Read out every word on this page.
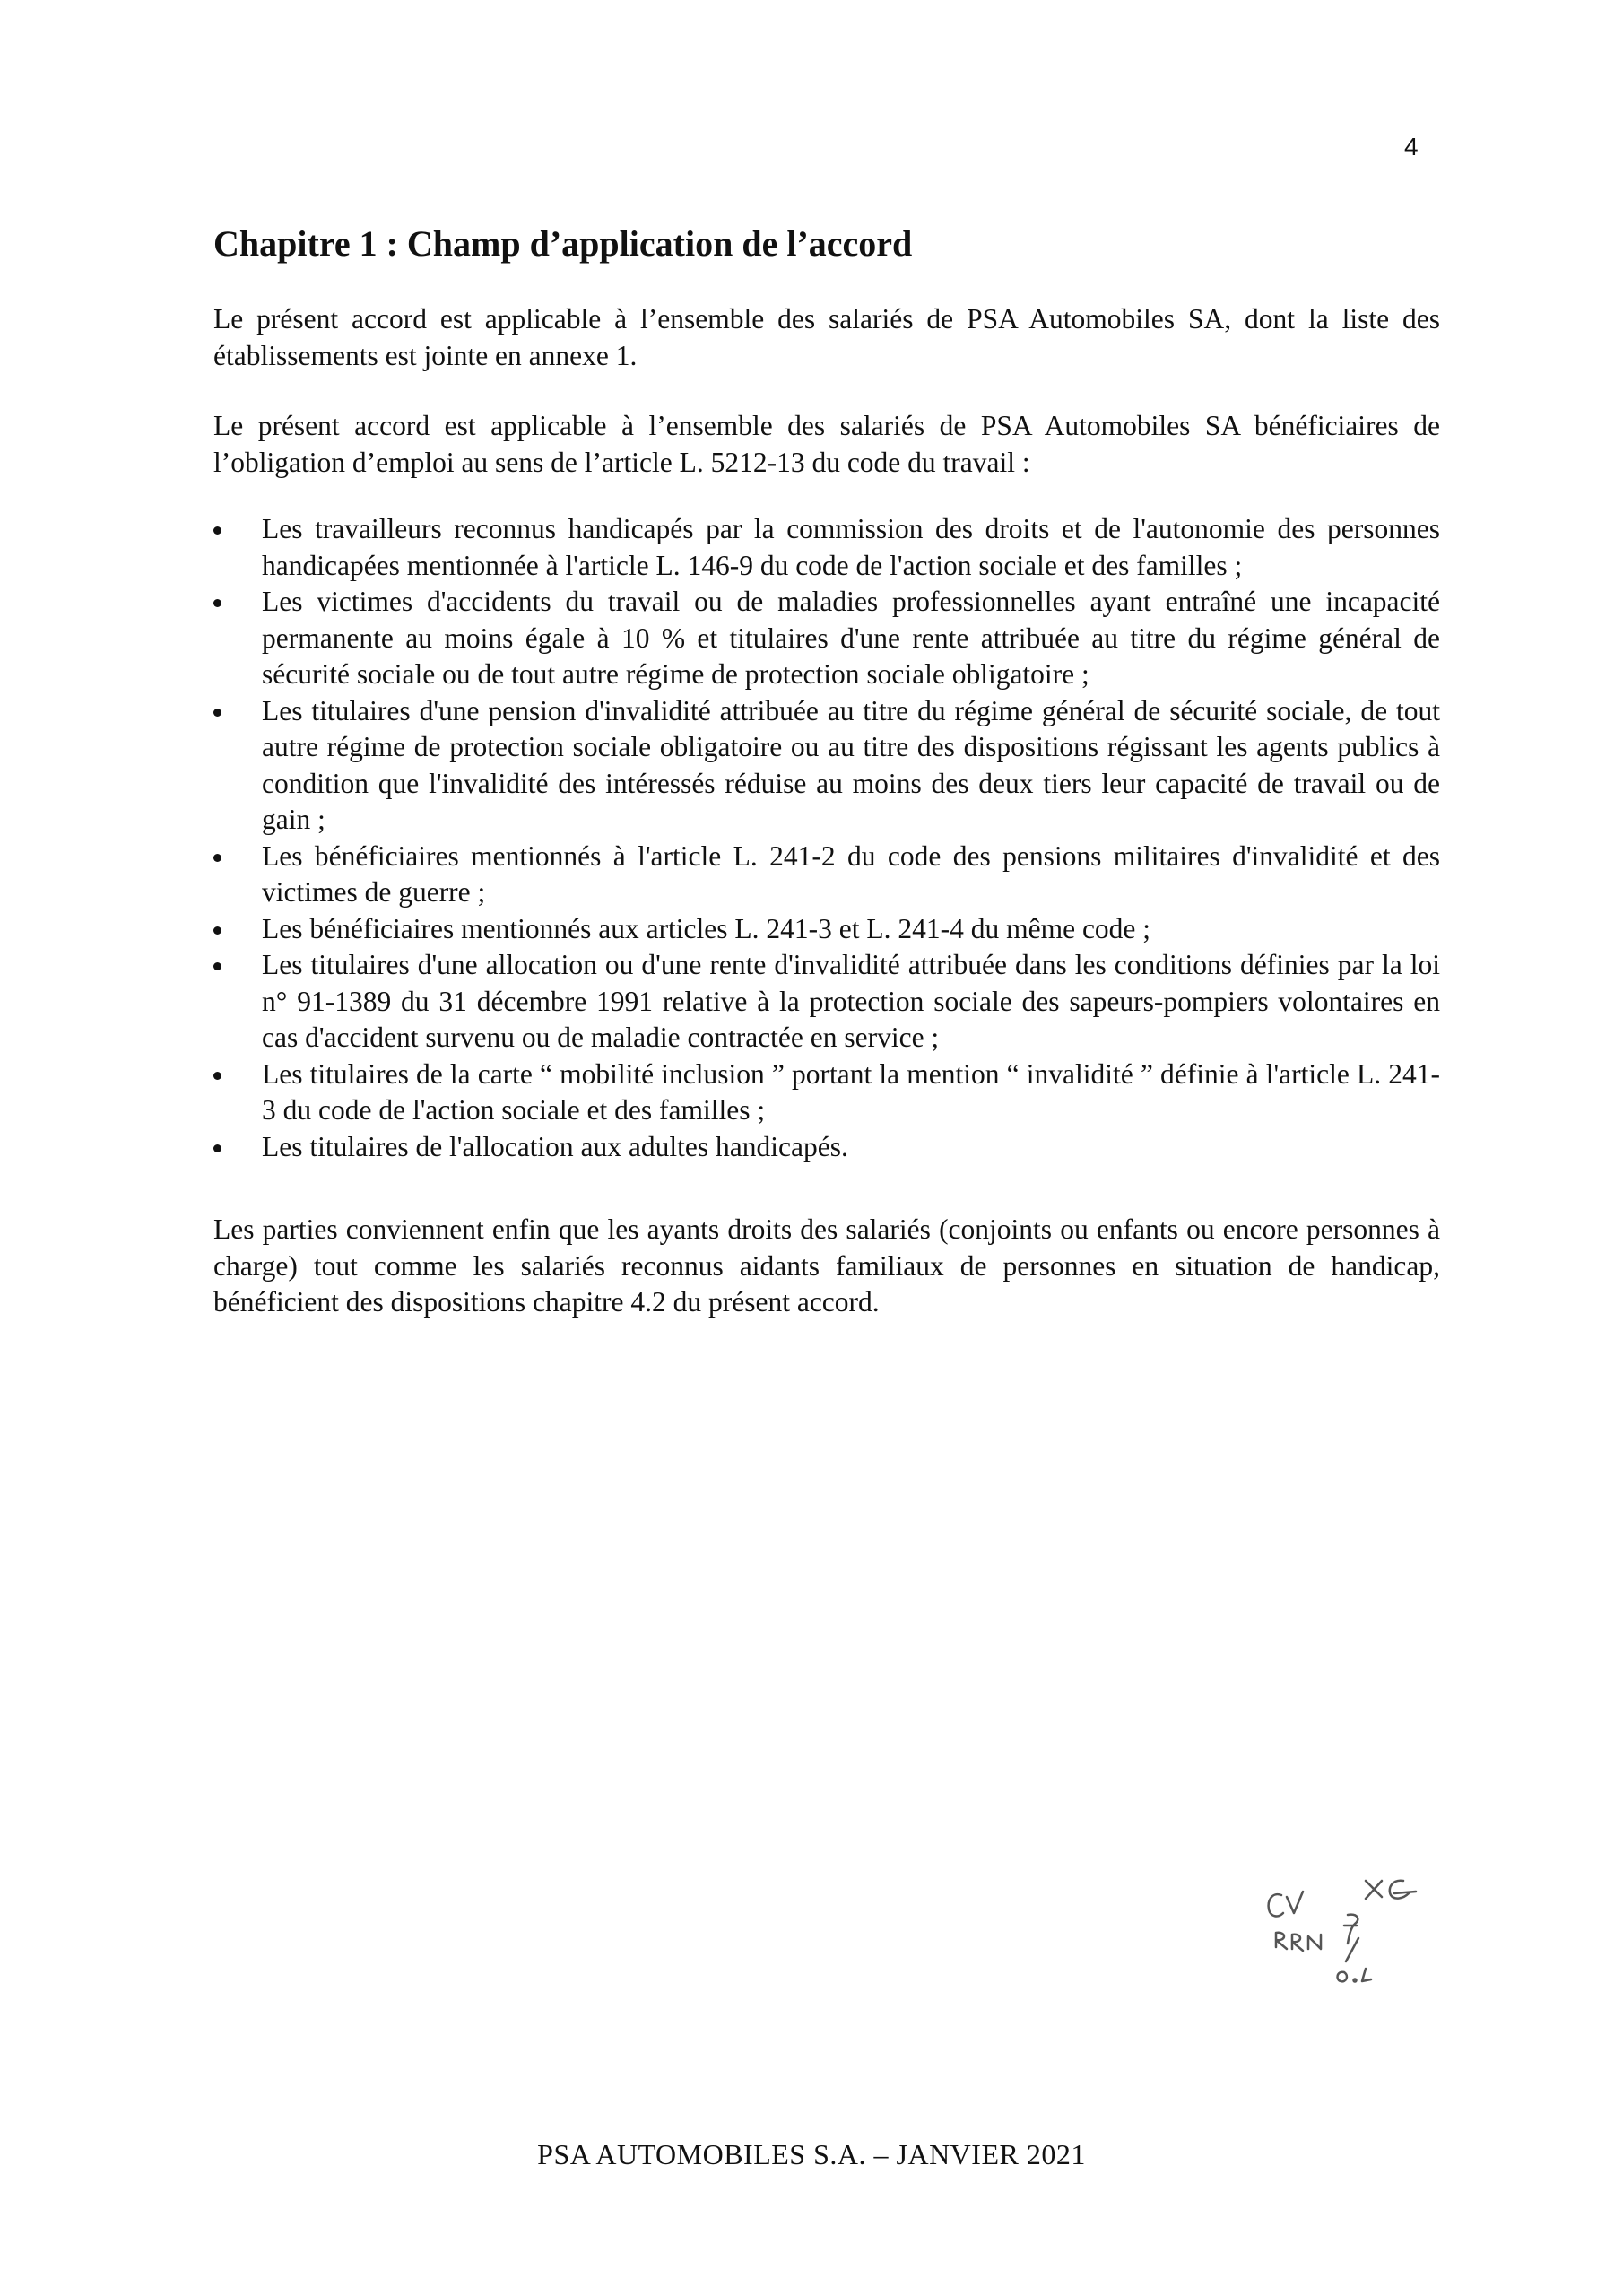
4
Chapitre 1 : Champ d’application de l’accord

Le présent accord est applicable à l’ensemble des salariés de PSA Automobiles SA, dont la liste des établissements est jointe en annexe 1.

Le présent accord est applicable à l’ensemble des salariés de PSA Automobiles SA bénéficiaires de l’obligation d’emploi au sens de l’article L. 5212-13 du code du travail :

Les travailleurs reconnus handicapés par la commission des droits et de l'autonomie des personnes handicapées mentionnée à l'article L. 146-9 du code de l'action sociale et des familles ;
Les victimes d'accidents du travail ou de maladies professionnelles ayant entraîné une incapacité permanente au moins égale à 10 % et titulaires d'une rente attribuée au titre du régime général de sécurité sociale ou de tout autre régime de protection sociale obligatoire ;
Les titulaires d'une pension d'invalidité attribuée au titre du régime général de sécurité sociale, de tout autre régime de protection sociale obligatoire ou au titre des dispositions régissant les agents publics à condition que l'invalidité des intéressés réduise au moins des deux tiers leur capacité de travail ou de gain ;
Les bénéficiaires mentionnés à l'article L. 241-2 du code des pensions militaires d'invalidité et des victimes de guerre ;
Les bénéficiaires mentionnés aux articles L. 241-3 et L. 241-4 du même code ;
Les titulaires d'une allocation ou d'une rente d'invalidité attribuée dans les conditions définies par la loi n° 91-1389 du 31 décembre 1991 relative à la protection sociale des sapeurs-pompiers volontaires en cas d'accident survenu ou de maladie contractée en service ;
Les titulaires de la carte “ mobilité inclusion ” portant la mention “ invalidité ” définie à l'article L. 241-3 du code de l'action sociale et des familles ;
Les titulaires de l'allocation aux adultes handicapés.

Les parties conviennent enfin que les ayants droits des salariés (conjoints ou enfants ou encore personnes à charge) tout comme les salariés reconnus aidants familiaux de personnes en situation de handicap, bénéficient des dispositions chapitre 4.2 du présent accord.

PSA AUTOMOBILES S.A. – JANVIER 2021
